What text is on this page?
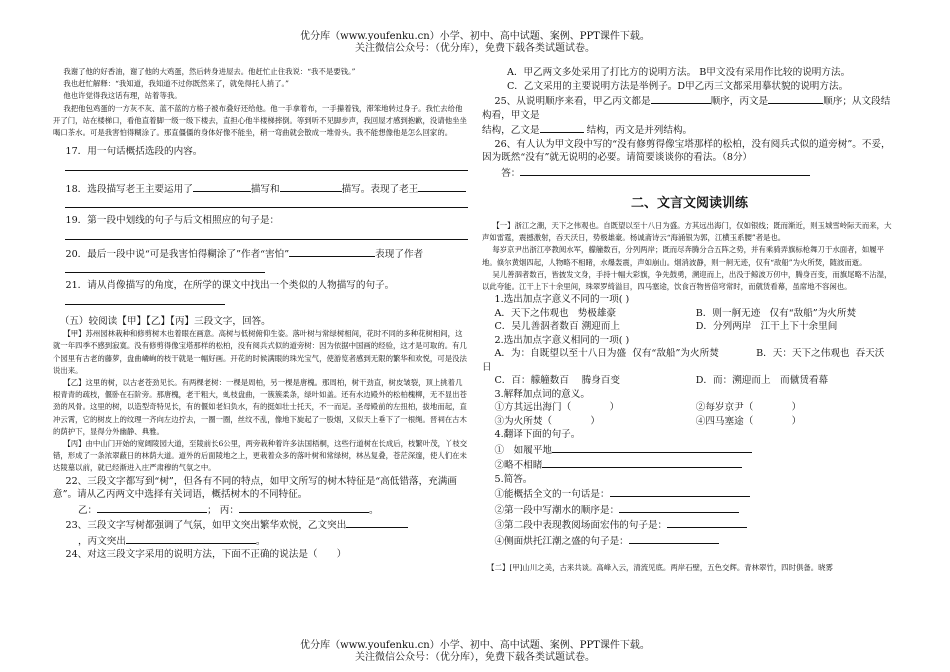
优分库（www.youfenku.cn）小学、初中、高中试题、案例、PPT课件下载。
关注微信公众号：（优分库），免费下载各类试题试卷。

我谢了他的好香油，谢了他的大鸡蛋，然后转身进屋去。他赶忙止住我说：“我不是要钱。”

我也赶忙解释：“我知道，我知道不过你既然来了，就免得托人捎了。”

他也许觉得我这话有理，站着等我。

我把他包鸡蛋的一方灰不灰、蓝不蓝的方格子被布叠好还给他。他一手拿着布，一手攥着钱，滞笨地转过身子。我忙去给他开了门，站在楼梯口，看他直着脚一级一级下楼去，直担心他半楼梯摔倒。等到听不见脚步声，我回屋才感到抱歉，没请他坐坐喝口茶水。可是我害怕得糊涂了。那直僵僵的身体好像不能坐，稍一弯曲就会散成一堆骨头。我不能想像他是怎么回家的。

17．用一句话概括选段的内容。

18．选段描写老王主要运用了	描写和	描写。表现了老王

19．第一段中划线的句子与后文相照应的句子是：

20．最后一段中说“可是我害怕得糊涂了”作者“害怕”	表现了作者

21．请从肖像描写的角度，在所学的课文中找出一个类似的人物描写的句子。

（五）较阅读【甲】【乙】【丙】三段文字，回答。

【甲】苏州园林栽种和修剪树木也着眼在画意。高树与低树俯仰生姿。落叶树与常绿树相间，花时不同的多种花树相间，这就一年四季不感到寂寞。没有修剪得像宝塔那样的松柏，没有阅兵式似的道旁树：因为依据中国画的经验，这才是可取的。有几个园里有古老的藤萝，盘曲嶙峋的枝干就是一幅好画。开花的时候满眼的珠光宝气，使游览者感到无限的繁华和欢悦，可是没法说出来。

【乙】这里的树，以古老苍劲见长。有两棵老树：一棵是周柏，另一棵是唐槐。那周柏，树干劲直，树皮皱裂，顶上挑着几根青青的疏枝，偃卧在石阶旁。那唐槐，老干粗大，虬枝盘曲，一簇簇柔条，绿叶如盖。还有水边殿外的松柏槐柳，无不显出苍劲的风骨。这里的树，以造型奇特见长，有的偃如老妇负水，有的挺如壮士托天，不一而足。圣母殿前的左扭柏，拔地而起，直冲云霄，它的树皮上的纹理一齐向左边拧去，一圈一圈，丝纹不乱，像地下旋起了一股烟，又似天上垂下了一根绳。晋祠在古木的荫护下，显得分外幽静、典雅。

【丙】由中山门开始的宽阔陵园大道，至陵前长6公里，两旁栽种着许多法国梧桐，这些行道树在长成后，枝繁叶茂，丫枝交错，形成了一条浓翠蔽日的林荫大道。道外的后面陵地之上，更栽着众多的落叶树和常绿树，林丛复叠，苍茫深邃，使人们在未达陵墓以前，就已经渐进入庄严肃穆的气氛之中。

22、三段文字都写到“树”，但各有不同的特点，如甲文所写的树木特征是“高低错落，充满画意”。请从乙丙两文中选择有关词语，概括树木的不同特征。

乙：	； 丙：	。

23、三段文字写树都强调了气氛，如甲文突出繁华欢悦，乙文突出

，丙文突出	。

24、对这三段文字采用的说明方法，下面不正确的说法是（　　）

A．甲乙两文多处采用了打比方的说明方法。 B甲文没有采用作比较的说明方法。

C．乙文采用的主要说明方法是举例子。D甲乙丙三文都采用摹状貌的说明方法。

25、从说明顺序来看，甲乙丙文都是	顺序，丙文是	顺序；从文段结构看，甲文是

结构，乙文是	结构，丙文是并列结构。

26、有人认为甲文段中写的“没有修剪得像宝塔那样的松柏，没有阅兵式似的道旁树”。不妥，因为既然“没有”就无说明的必要。请简要谈谈你的看法。（8分）

答：

二、文言文阅读训练

【一】浙江之潮，天下之伟观也。自既望以至十八日为盛。方其远出海门，仅如银线；既而渐近，则玉城雪岭际天而来，大声如雷霆，震撼激射，吞天沃日，势极雄豪。杨诚斋诗云“海涌银为郭，江横玉系腰”者是也。

每岁京尹出浙江亭教阅水军，艨艟数百，分列两岸；既而尽奔腾分合五阵之势，并有乘骑弄旗标枪舞刀于水面者，如履平地。倏尔黄烟四起，人物略不相睹，水爆轰震，声如崩山。烟消波静，则一舸无迹，仅有“敌船”为火所焚，随波而逝。

吴儿善泅者数百，皆披发文身，手持十幅大彩旗，争先鼓勇，溯迎而上，出没于鲸波万仞中，腾身百变，而旗尾略不沾湿，以此夸能。江干上下十余里间，珠翠罗绮溢目，四马塞途，饮食百物皆倍穹常时，而僦赁看幕，虽席地不容闲也。

1.选出加点字意义不同的一项( )

A．天下之伟观也 势极雄豪	B．则一舸无迹 仅有“敌船”为火所焚
C．吴儿善泅者数百 溯迎而上	D．分列两岸 江干上下十余里间

2.选出加点字意义相同的一项( )

A．为：自既望以至十八日为盛 仅有“敌船”为火所焚	B．天：天下之伟观也 吞天沃

日

C．百：艨艟数百　 腾身百变	D．而：溯迎而上　而僦赁看幕

3.解释加点词的意义。

①方其远出海门（　　　　）	②每岁京尹（　　　　）
③为火所焚（　　　　）	④四马塞途（　　　　）

4.翻译下面的句子。

①　如履平地

②略不相睹

5.简答。

①能概括全文的一句话是：

②第一段中写潮水的顺序是：

③第二段中表现教阅场面宏伟的句子是：

④侧面烘托江潮之盛的句子是：

【二】[甲]山川之美，古来共谈。高峰入云，清流见底。两岸石壁，五色交辉。青林翠竹，四时俱备。晓雾

优分库（www.youfenku.cn）小学、初中、高中试题、案例、PPT课件下载。
关注微信公众号：（优分库），免费下载各类试题试卷。
